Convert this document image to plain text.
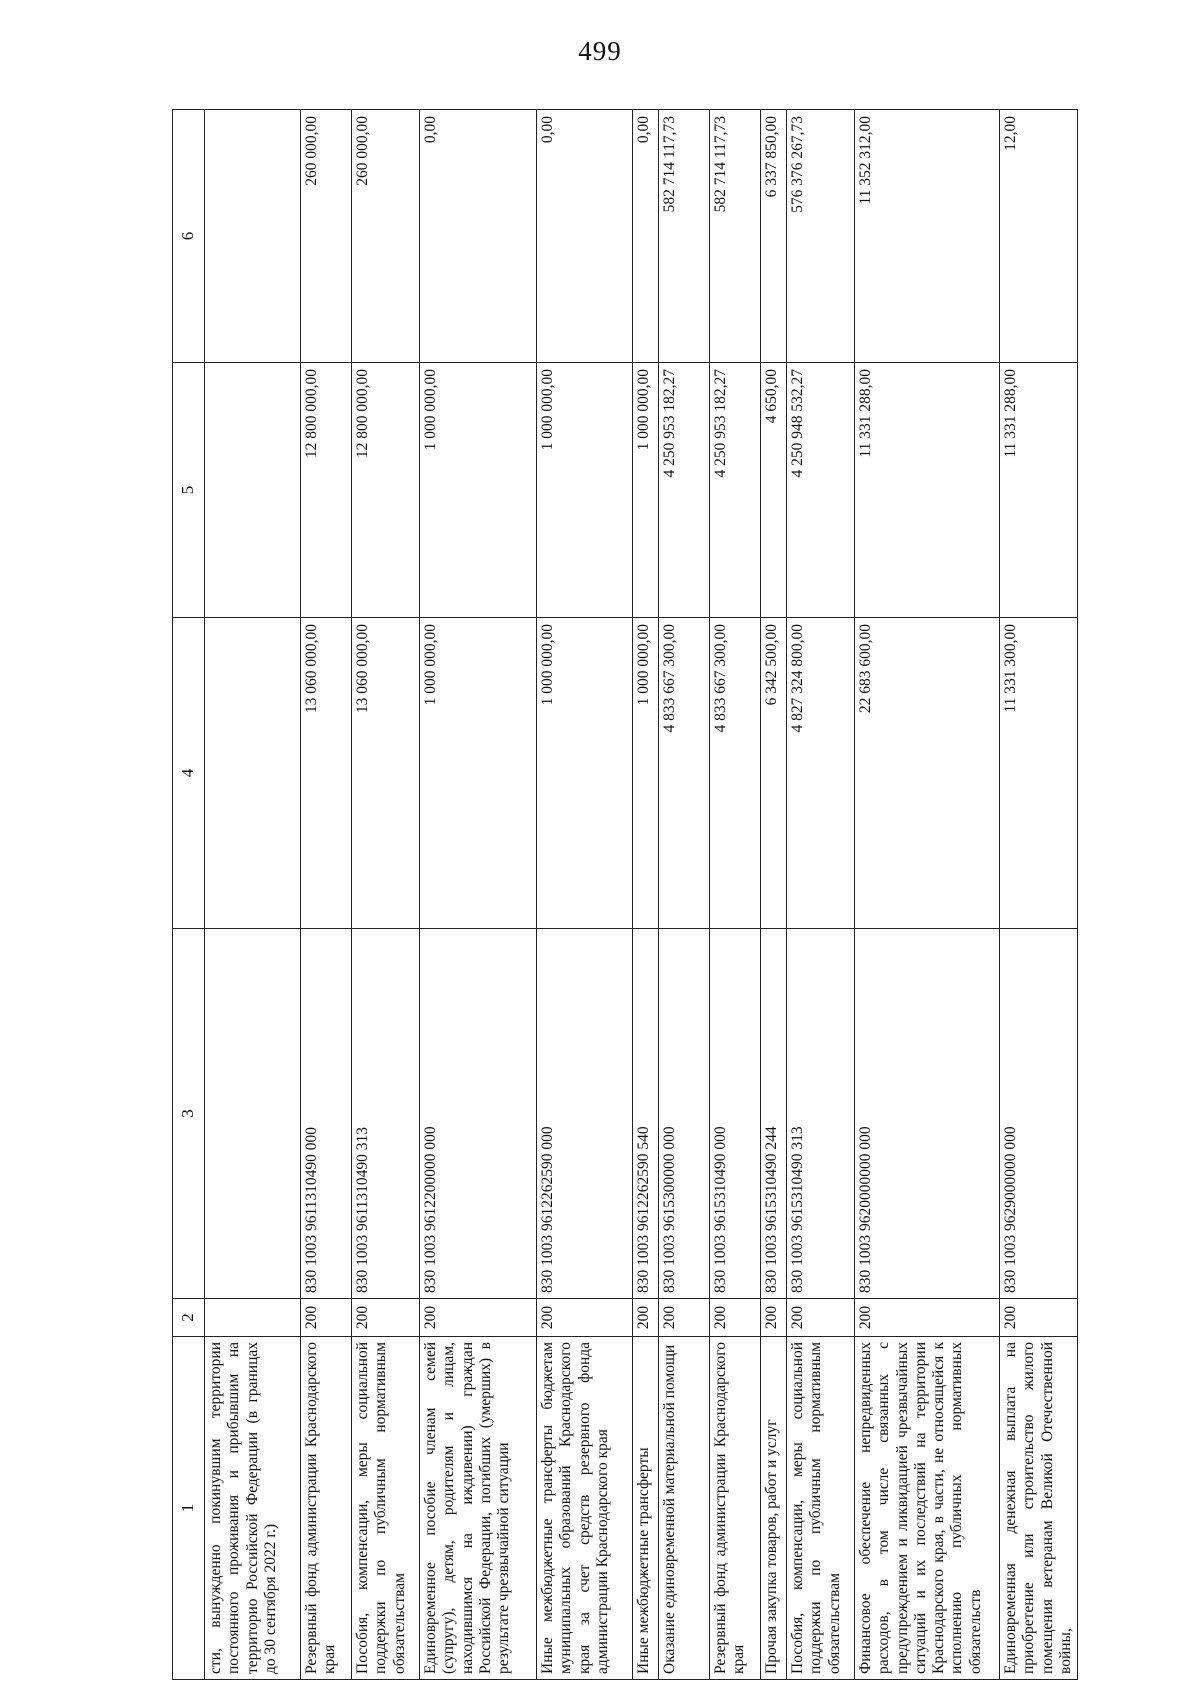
499
1	2	3	4	5	6
сти, вынужденно покинувшим территории постоянного проживания и прибывшим на территорио Российской Федерации (в границах до 30 сентября 2022 г.)					
Резервный фонд администрации Краснодарского края	200	830 1003 9611310490 000	13 060 000,00	12 800 000,00	260 000,00
Пособия, компенсации, меры социальной поддержки по публичным нормативным обязательствам	200	830 1003 9611310490 313	13 060 000,00	12 800 000,00	260 000,00
Единовременное пособие членам семей (супругу), детям, родителям и лицам, находившимся на иждивении) граждан Российской Федерации, погибших (умерших) в результате чрезвычайной ситуации	200	830 1003 9612200000 000	1 000 000,00	1 000 000,00	0,00
Иные межбюджетные трансферты бюджетам муниципальных образований Краснодарского края за счет средств резервного фонда администрации Краснодарского края	200	830 1003 9612262590 000	1 000 000,00	1 000 000,00	0,00
Иные межбюджетные трансферты	200	830 1003 9612262590 540	1 000 000,00	1 000 000,00	0,00
Оказание единовременной материальной помощи	200	830 1003 9615300000 000	4 833 667 300,00	4 250 953 182,27	582 714 117,73
Резервный фонд администрации Краснодарского края	200	830 1003 9615310490 000	4 833 667 300,00	4 250 953 182,27	582 714 117,73
Прочая закупка товаров, работ и услуг	200	830 1003 9615310490 244	6 342 500,00	4 650,00	6 337 850,00
Пособия, компенсации, меры социальной поддержки по публичным нормативным обязательствам	200	830 1003 9615310490 313	4 827 324 800,00	4 250 948 532,27	576 376 267,73
Финансовое обеспечение непредвиденных расходов, в том числе связанных с предупреждением и ликвидацией чрезвычайных ситуаций и их последствий на территории Краснодарского края, в части, не относящейся к исполнению публичных нормативных обязательств	200	830 1003 9620000000 000	22 683 600,00	11 331 288,00	11 352 312,00
Единовременная денежная выплата на приобретение или строительство жилого помещения ветеранам Великой Отечественной войны,	200	830 1003 9629000000 000	11 331 300,00	11 331 288,00	12,00
